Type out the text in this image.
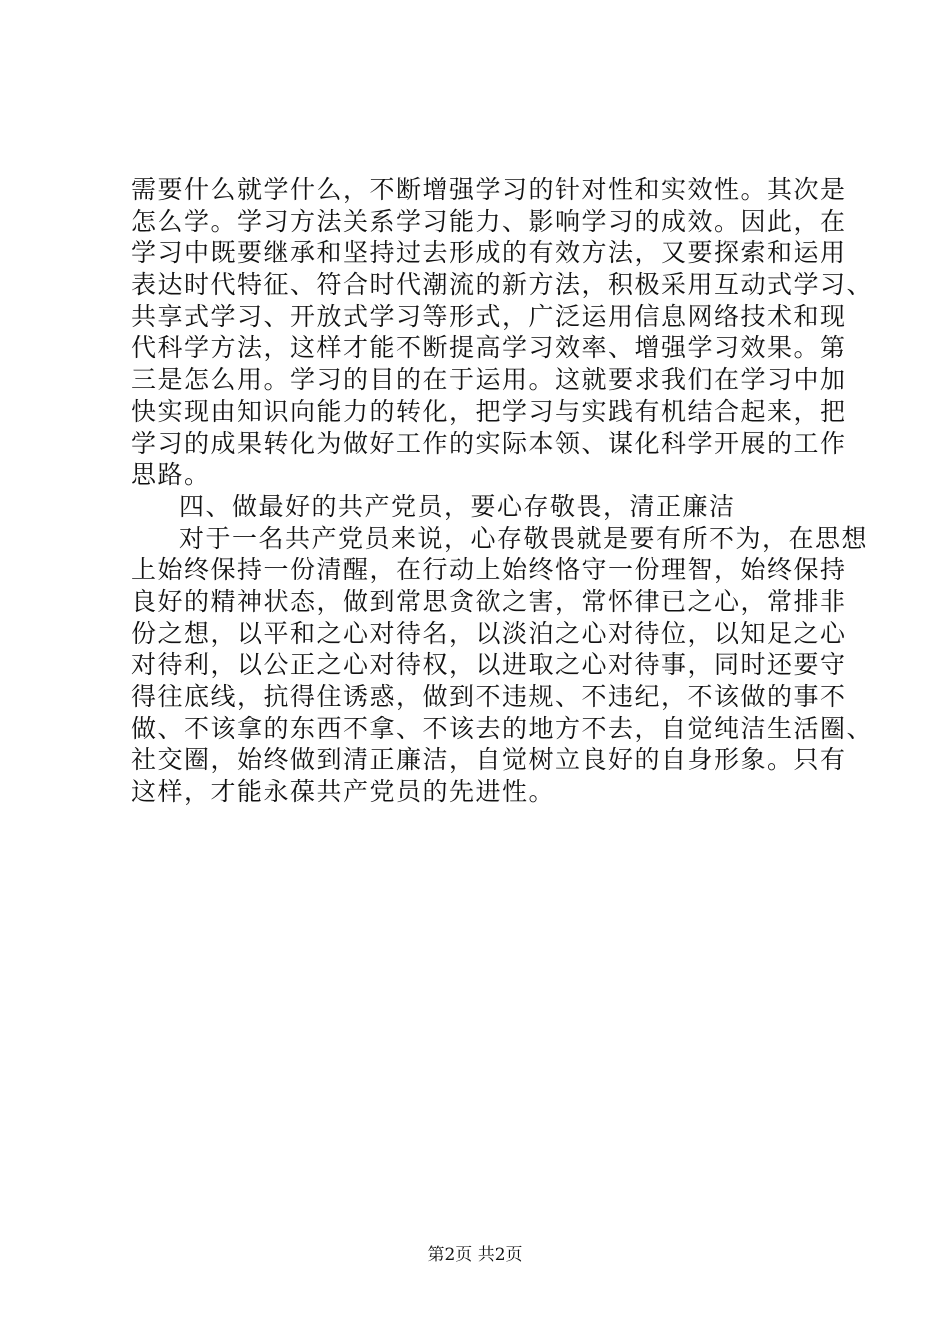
需要什么就学什么，不断增强学习的针对性和实效性。其次是
怎么学。学习方法关系学习能力、影响学习的成效。因此，在
学习中既要继承和坚持过去形成的有效方法，又要探索和运用
表达时代特征、符合时代潮流的新方法，积极采用互动式学习、
共享式学习、开放式学习等形式，广泛运用信息网络技术和现
代科学方法，这样才能不断提高学习效率、增强学习效果。第
三是怎么用。学习的目的在于运用。这就要求我们在学习中加
快实现由知识向能力的转化，把学习与实践有机结合起来，把
学习的成果转化为做好工作的实际本领、谋化科学开展的工作
思路。
四、做最好的共产党员，要心存敬畏，清正廉洁
对于一名共产党员来说，心存敬畏就是要有所不为，在思想
上始终保持一份清醒，在行动上始终恪守一份理智，始终保持
良好的精神状态，做到常思贪欲之害，常怀律已之心，常排非
份之想，以平和之心对待名，以淡泊之心对待位，以知足之心
对待利，以公正之心对待权，以进取之心对待事，同时还要守
得往底线，抗得住诱惑，做到不违规、不违纪，不该做的事不
做、不该拿的东西不拿、不该去的地方不去，自觉纯洁生活圈、
社交圈，始终做到清正廉洁，自觉树立良好的自身形象。只有
这样，才能永葆共产党员的先进性。
第2页 共2页
